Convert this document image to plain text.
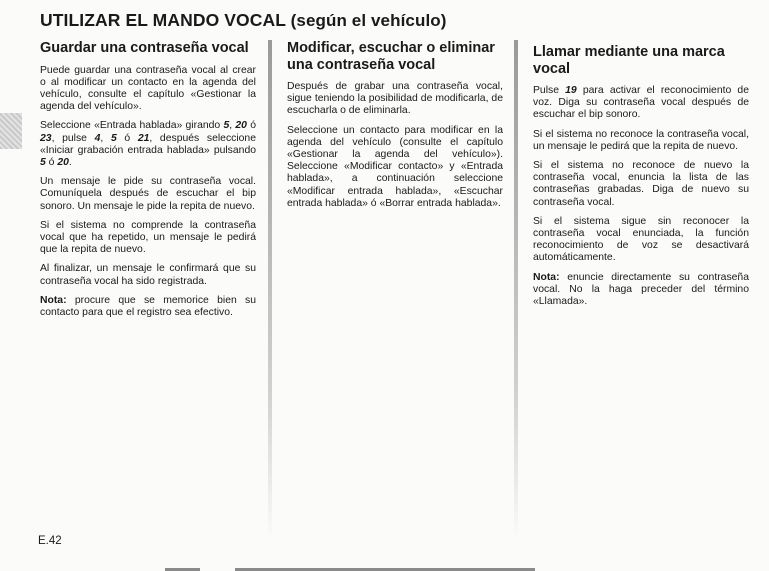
UTILIZAR EL MANDO VOCAL (según el vehículo)
Guardar una contraseña vocal

Puede guardar una contraseña vocal al crear o al modificar un contacto en la agenda del vehículo, consulte el capítulo «Gestionar la agenda del vehículo».

Seleccione «Entrada hablada» girando 5, 20 ó 23, pulse 4, 5 ó 21, después seleccione «Iniciar grabación entrada hablada» pulsando 5 ó 20.

Un mensaje le pide su contraseña vocal. Comuníquela después de escuchar el bip sonoro. Un mensaje le pide la repita de nuevo.

Si el sistema no comprende la contraseña vocal que ha repetido, un mensaje le pedirá que la repita de nuevo.

Al finalizar, un mensaje le confirmará que su contraseña vocal ha sido registrada.

Nota: procure que se memorice bien su contacto para que el registro sea efectivo.

Modificar, escuchar o eliminar una contraseña vocal

Después de grabar una contraseña vocal, sigue teniendo la posibilidad de modificarla, de escucharla o de eliminarla.

Seleccione un contacto para modificar en la agenda del vehículo (consulte el capítulo «Gestionar la agenda del vehículo»). Seleccione «Modificar contacto» y «Entrada hablada», a continuación seleccione «Modificar entrada hablada», «Escuchar entrada hablada» ó «Borrar entrada hablada».

Llamar mediante una marca vocal

Pulse 19 para activar el reconocimiento de voz. Diga su contraseña vocal después de escuchar el bip sonoro.

Si el sistema no reconoce la contraseña vocal, un mensaje le pedirá que la repita de nuevo.

Si el sistema no reconoce de nuevo la contraseña vocal, enuncia la lista de las contraseñas grabadas. Diga de nuevo su contraseña vocal.

Si el sistema sigue sin reconocer la contraseña vocal enunciada, la función reconocimiento de voz se desactivará automáticamente.

Nota: enuncie directamente su contraseña vocal. No la haga preceder del término «Llamada».

E.42
